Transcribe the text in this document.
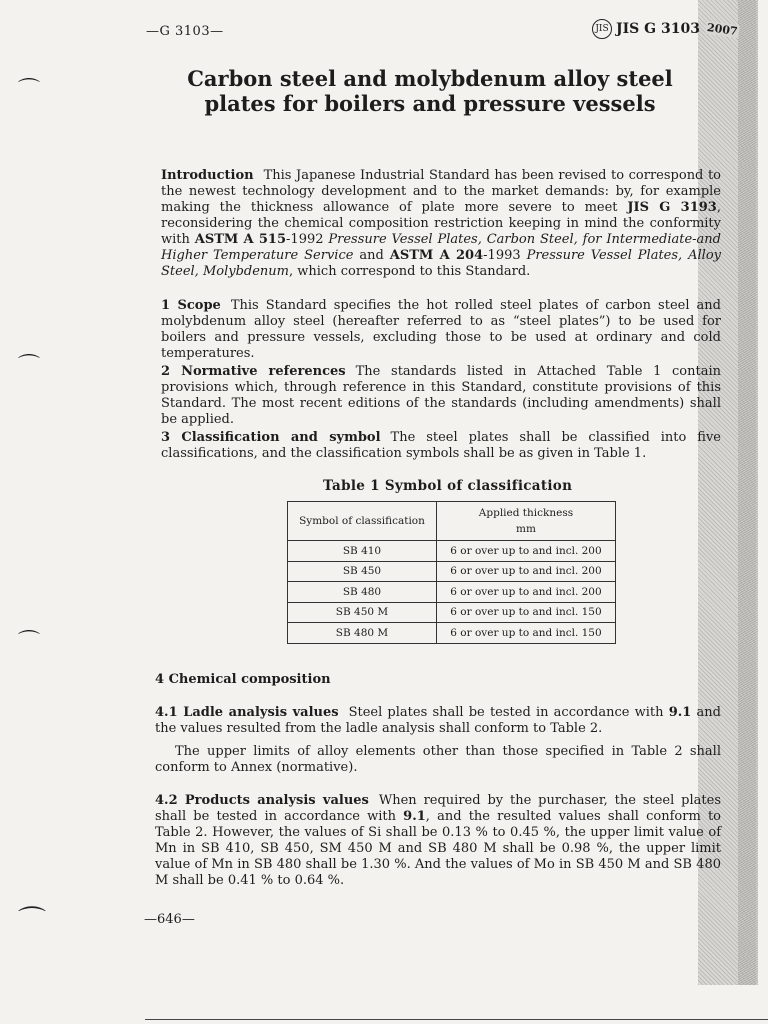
⌒
⌒
⌒
⌒
—G 3103—	JIS JIS G 3103 2007
Carbon steel and molybdenum alloy steel
plates for boilers and pressure vessels
Introduction This Japanese Industrial Standard has been revised to correspond to the newest technology development and to the market demands: by, for example making the thickness allowance of plate more severe to meet JIS G 3193, reconsidering the chemical composition restriction keeping in mind the conformity with ASTM A 515-1992 Pressure Vessel Plates, Carbon Steel, for Intermediate-and Higher Temperature Service and ASTM A 204-1993 Pressure Vessel Plates, Alloy Steel, Molybdenum, which correspond to this Standard.
1 Scope This Standard specifies the hot rolled steel plates of carbon steel and molybdenum alloy steel (hereafter referred to as “steel plates”) to be used for boilers and pressure vessels, excluding those to be used at ordinary and cold temperatures.
2 Normative references The standards listed in Attached Table 1 contain provisions which, through reference in this Standard, constitute provisions of this Standard. The most recent editions of the standards (including amendments) shall be applied.
3 Classification and symbol The steel plates shall be classified into five classifications, and the classification symbols shall be as given in Table 1.
Table 1 Symbol of classification
Symbol of classification	Applied thickness
mm

SB 410	6 or over up to and incl. 200
SB 450	6 or over up to and incl. 200
SB 480	6 or over up to and incl. 200
SB 450 M	6 or over up to and incl. 150
SB 480 M	6 or over up to and incl. 150
4 Chemical composition
4.1 Ladle analysis values Steel plates shall be tested in accordance with 9.1 and the values resulted from the ladle analysis shall conform to Table 2.
The upper limits of alloy elements other than those specified in Table 2 shall conform to Annex (normative).
4.2 Products analysis values When required by the purchaser, the steel plates shall be tested in accordance with 9.1, and the resulted values shall conform to Table 2. However, the values of Si shall be 0.13 % to 0.45 %, the upper limit value of Mn in SB 410, SB 450, SM 450 M and SB 480 M shall be 0.98 %, the upper limit value of Mn in SB 480 shall be 1.30 %. And the values of Mo in SB 450 M and SB 480 M shall be 0.41 % to 0.64 %.
—646—
